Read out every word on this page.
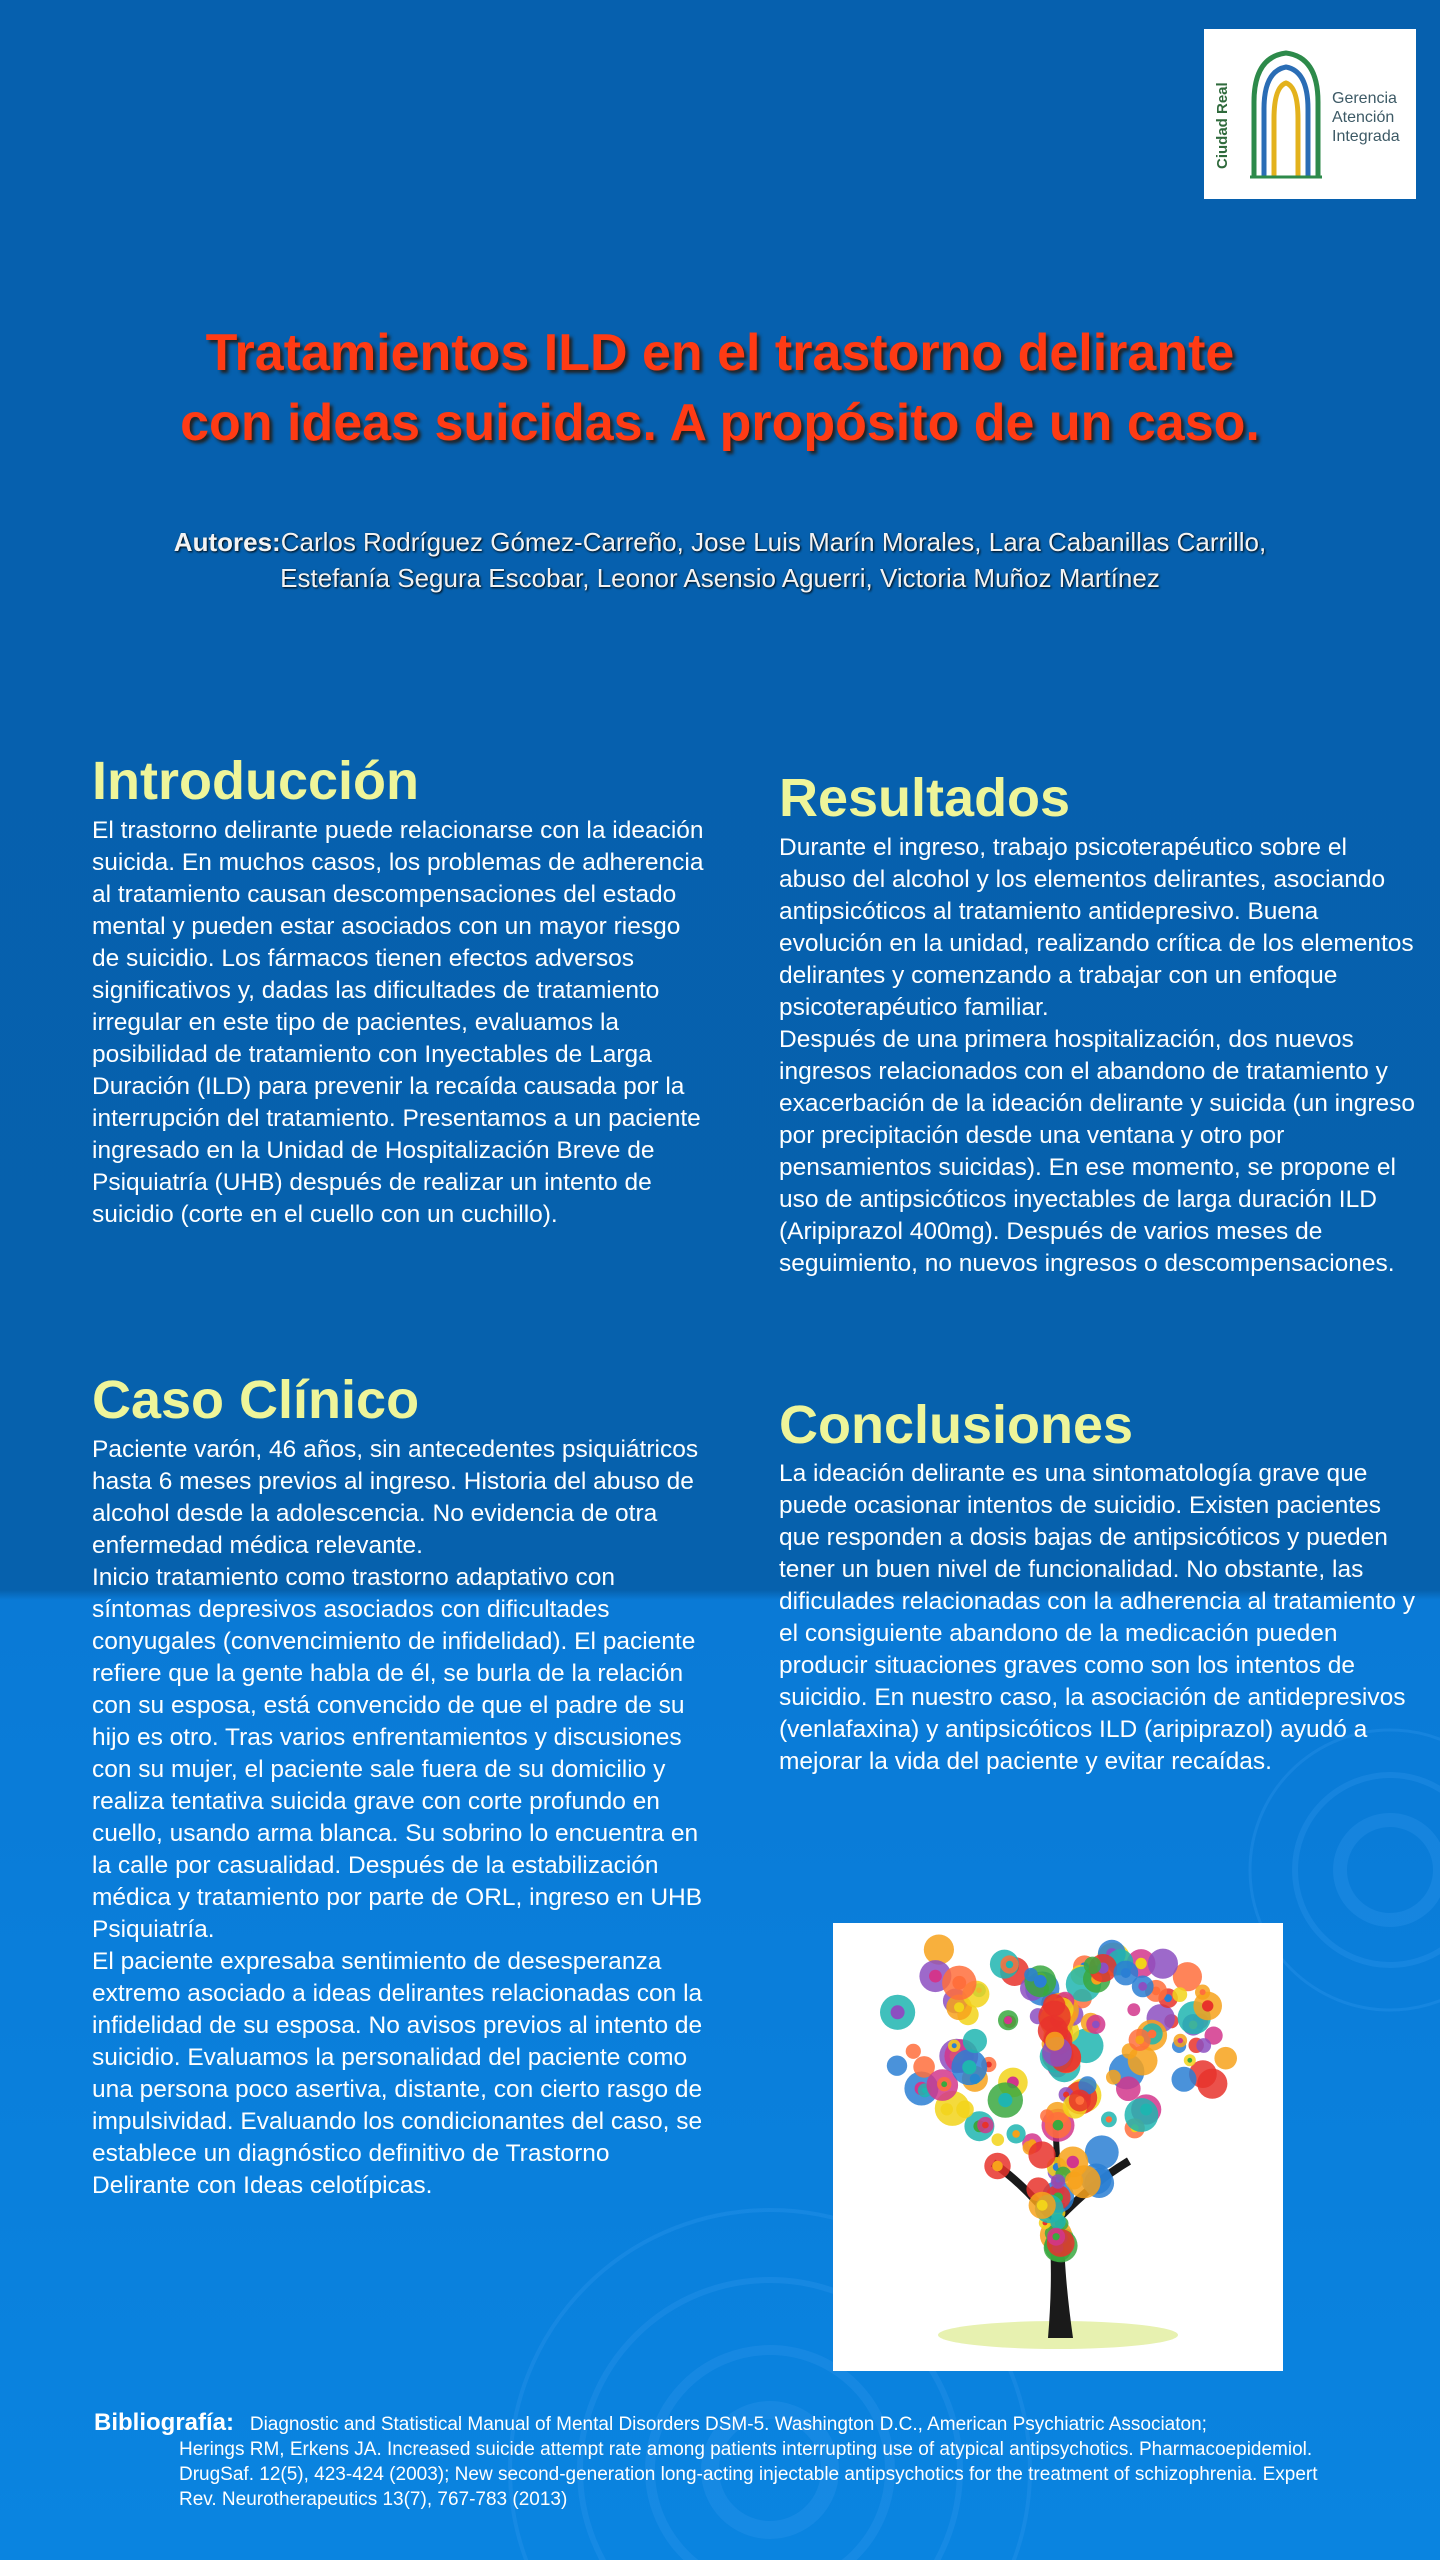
Ciudad Real	Gerencia
Atención
Integrada
Tratamientos ILD en el trastorno delirante
con ideas suicidas. A propósito de un caso.
Autores:Carlos Rodríguez Gómez-Carreño, Jose Luis Marín Morales, Lara Cabanillas Carrillo,
Estefanía Segura Escobar, Leonor Asensio Aguerri, Victoria Muñoz Martínez
Introducción

El trastorno delirante puede relacionarse con la ideación suicida. En muchos casos, los problemas de adherencia al tratamiento causan descompensaciones del estado mental y pueden estar asociados con un mayor riesgo de suicidio. Los fármacos tienen efectos adversos significativos y, dadas las dificultades de tratamiento irregular en este tipo de pacientes, evaluamos la posibilidad de tratamiento con Inyectables de Larga Duración (ILD) para prevenir la recaída causada por la interrupción del tratamiento. Presentamos a un paciente ingresado en la Unidad de Hospitalización Breve de Psiquiatría (UHB) después de realizar un intento de suicidio (corte en el cuello con un cuchillo).

Caso Clínico

Paciente varón, 46 años, sin antecedentes psiquiátricos hasta 6 meses previos al ingreso. Historia del abuso de alcohol desde la adolescencia. No evidencia de otra enfermedad médica relevante.

Inicio tratamiento como trastorno adaptativo con síntomas depresivos asociados con dificultades conyugales (convencimiento de infidelidad). El paciente refiere que la gente habla de él, se burla de la relación con su esposa, está convencido de que el padre de su hijo es otro. Tras varios enfrentamientos y discusiones con su mujer, el paciente sale fuera de su domicilio y realiza tentativa suicida grave con corte profundo en cuello, usando arma blanca. Su sobrino lo encuentra en la calle por casualidad. Después de la estabilización médica y tratamiento por parte de ORL, ingreso en UHB Psiquiatría.

El paciente expresaba sentimiento de desesperanza extremo asociado a ideas delirantes relacionadas con la infidelidad de su esposa. No avisos previos al intento de suicidio. Evaluamos la personalidad del paciente como una persona poco asertiva, distante, con cierto rasgo de impulsividad. Evaluando los condicionantes del caso, se establece un diagnóstico definitivo de Trastorno Delirante con Ideas celotípicas.

Resultados

Durante el ingreso, trabajo psicoterapéutico sobre el abuso del alcohol y los elementos delirantes, asociando antipsicóticos al tratamiento antidepresivo. Buena evolución en la unidad, realizando crítica de los elementos delirantes y comenzando a trabajar con un enfoque psicoterapéutico familiar.

Después de una primera hospitalización, dos nuevos ingresos relacionados con el abandono de tratamiento y exacerbación de la ideación delirante y suicida (un ingreso por precipitación desde una ventana y otro por pensamientos suicidas). En ese momento, se propone el uso de antipsicóticos inyectables de larga duración ILD (Aripiprazol 400mg). Después de varios meses de seguimiento, no nuevos ingresos o descompensaciones.

Conclusiones

La ideación delirante es una sintomatología grave que puede ocasionar intentos de suicidio. Existen pacientes que responden a dosis bajas de antipsicóticos y pueden tener un buen nivel de funcionalidad. No obstante, las dificulades relacionadas con la adherencia al tratamiento y el consiguiente abandono de la medicación pueden producir situaciones graves como son los intentos de suicidio. En nuestro caso, la asociación de antidepresivos (venlafaxina) y antipsicóticos ILD (aripiprazol) ayudó a mejorar la vida del paciente y evitar recaídas.

Bibliografía: Diagnostic and Statistical Manual of Mental Disorders DSM-5. Washington D.C., American Psychiatric Associaton;
Herings RM, Erkens JA. Increased suicide attempt rate among patients interrupting use of atypical antipsychotics. Pharmacoepidemiol. DrugSaf. 12(5), 423-424 (2003); New second-generation long-acting injectable antipsychotics for the treatment of schizophrenia. Expert Rev. Neurotherapeutics 13(7), 767-783 (2013)
